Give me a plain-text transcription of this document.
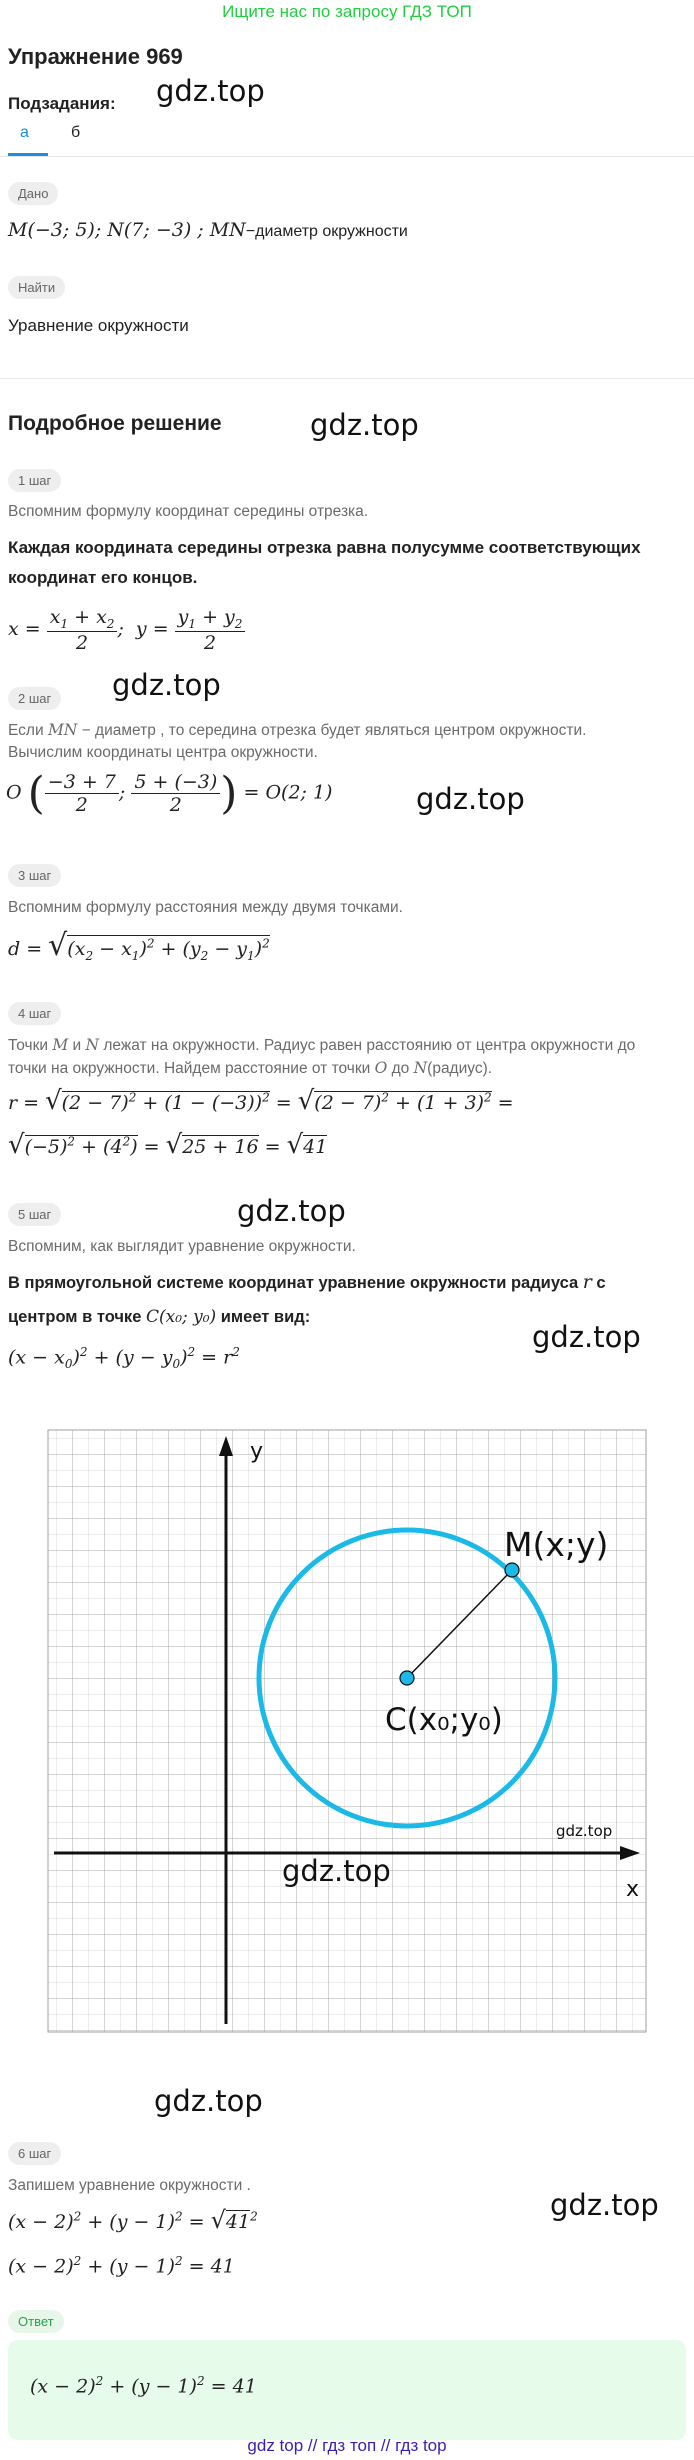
Ищите нас по запросу ГДЗ ТОП
Упражнение 969
gdz.top
Подзадания:
а	б
Дано
M(−3; 5); N(7; −3) ; MN−диаметр окружности
Найти
Уравнение окружности
Подробное решение	gdz.top
1 шаг
Вспомним формулу координат середины отрезка.
Каждая координата середины отрезка равна полусумме соответствующих
координат его концов.
$x = \frac{x_1 + x_2}{2}$ ;  $y = \frac{y_1 + y_2}{2}$
gdz.top
2 шаг
Если MN − диаметр , то середина отрезка будет являться центром окружности.
Вычислим координаты центра окружности.
O ( $\frac{-3 + 7}{2}$ ; $\frac{5 + (-3)}{2}$ ) = O(2; 1)	gdz.top
3 шаг
Вспомним формулу расстояния между двумя точками.
$d = √(x_2 - x_1)^2 + (y_2 - y_1)^2$
4 шаг
Точки M и N лежат на окружности. Радиус равен расстоянию от центра окружности до
точки на окружности. Найдем расстояние от точки O до N(радиус).
$r = √(2 - 7)^2 + (1 - (-3))^2 = √(2 - 7)^2 + (1 + 3)^2$ =
$√(-5)^2 + (4^2) = √25 + 16 = √41$
gdz.top
5 шаг
Вспомним, как выглядит уравнение окружности.
В прямоугольной системе координат уравнение окружности радиуса r с
центром в точке C(x₀; y₀) имеет вид:
$(x - x_0)^2 + (y - y_0)^2 = r^2$	gdz.top
y
x
M(x;y)
C(x₀;y₀)
gdz.top
gdz.top
gdz.top
6 шаг
Запишем уравнение окружности .
gdz.top
$(x - 2)^2 + (y - 1)^2 = √41^2$
$(x - 2)^2 + (y - 1)^2 = 41$
Ответ
$(x - 2)^2 + (y - 1)^2 = 41$
gdz top // гдз топ // гдз top
